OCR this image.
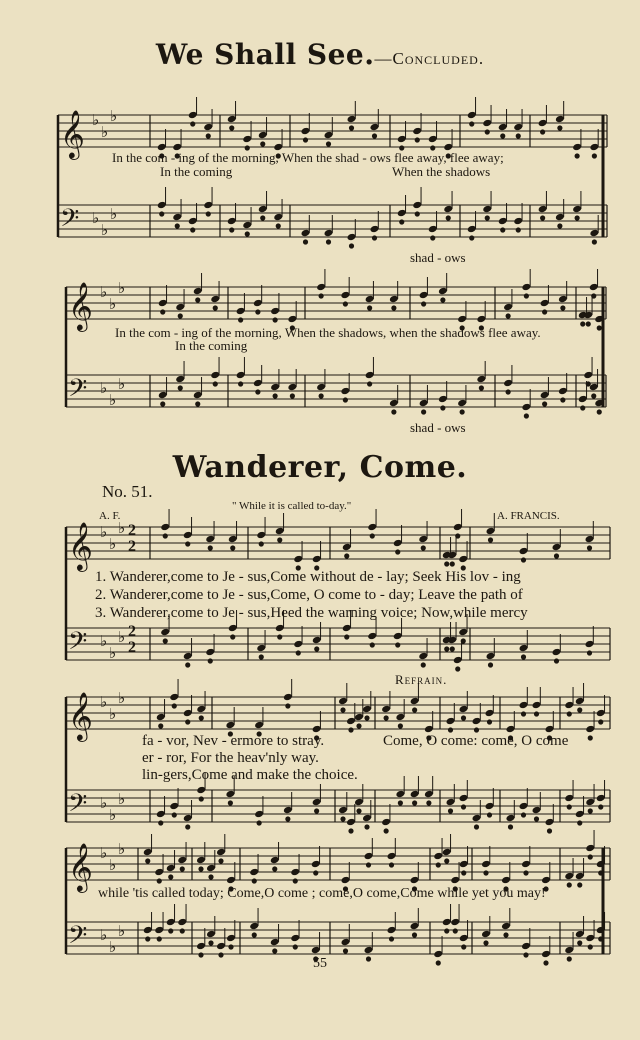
We Shall See.—Concluded.
𝄞 ♭
♭
♭
𝄢 ♭
♭
♭
𝄞 ♭
♭
♭
𝄢 ♭
♭
♭
𝄞 ♭
♭
♭
𝄢 ♭
♭
♭
𝄞 ♭
♭
♭
𝄢 ♭
♭
♭
𝄞 ♭
♭
♭
𝄢 ♭
♭
♭
2
2
2
2
In the com - ing of the morning, When the shad - ows flee away, flee away;
In the coming	When the shadows
shad - ows
In the com - ing of the morning, When the shadows, when the shadows flee away.
In the coming
shad - ows
Wanderer, Come.
No. 51.
" While it is called to-day."
A. F.	A. FRANCIS.
1. Wanderer,come to Je - sus,Come without de - lay; Seek His lov - ing
2. Wanderer,come to Je - sus,Come, O come to - day; Leave the path of
3. Wanderer,come to Je - sus,Heed the warning voice; Now,while mercy
Refrain.
fa - vor, Nev - ermore to stray.
er - ror, For the heav'nly way.
lin-gers,Come and make the choice.
Come, O come: come, O come
while 'tis called today; Come,O come ; come,O come,Come while yet you may!
55
